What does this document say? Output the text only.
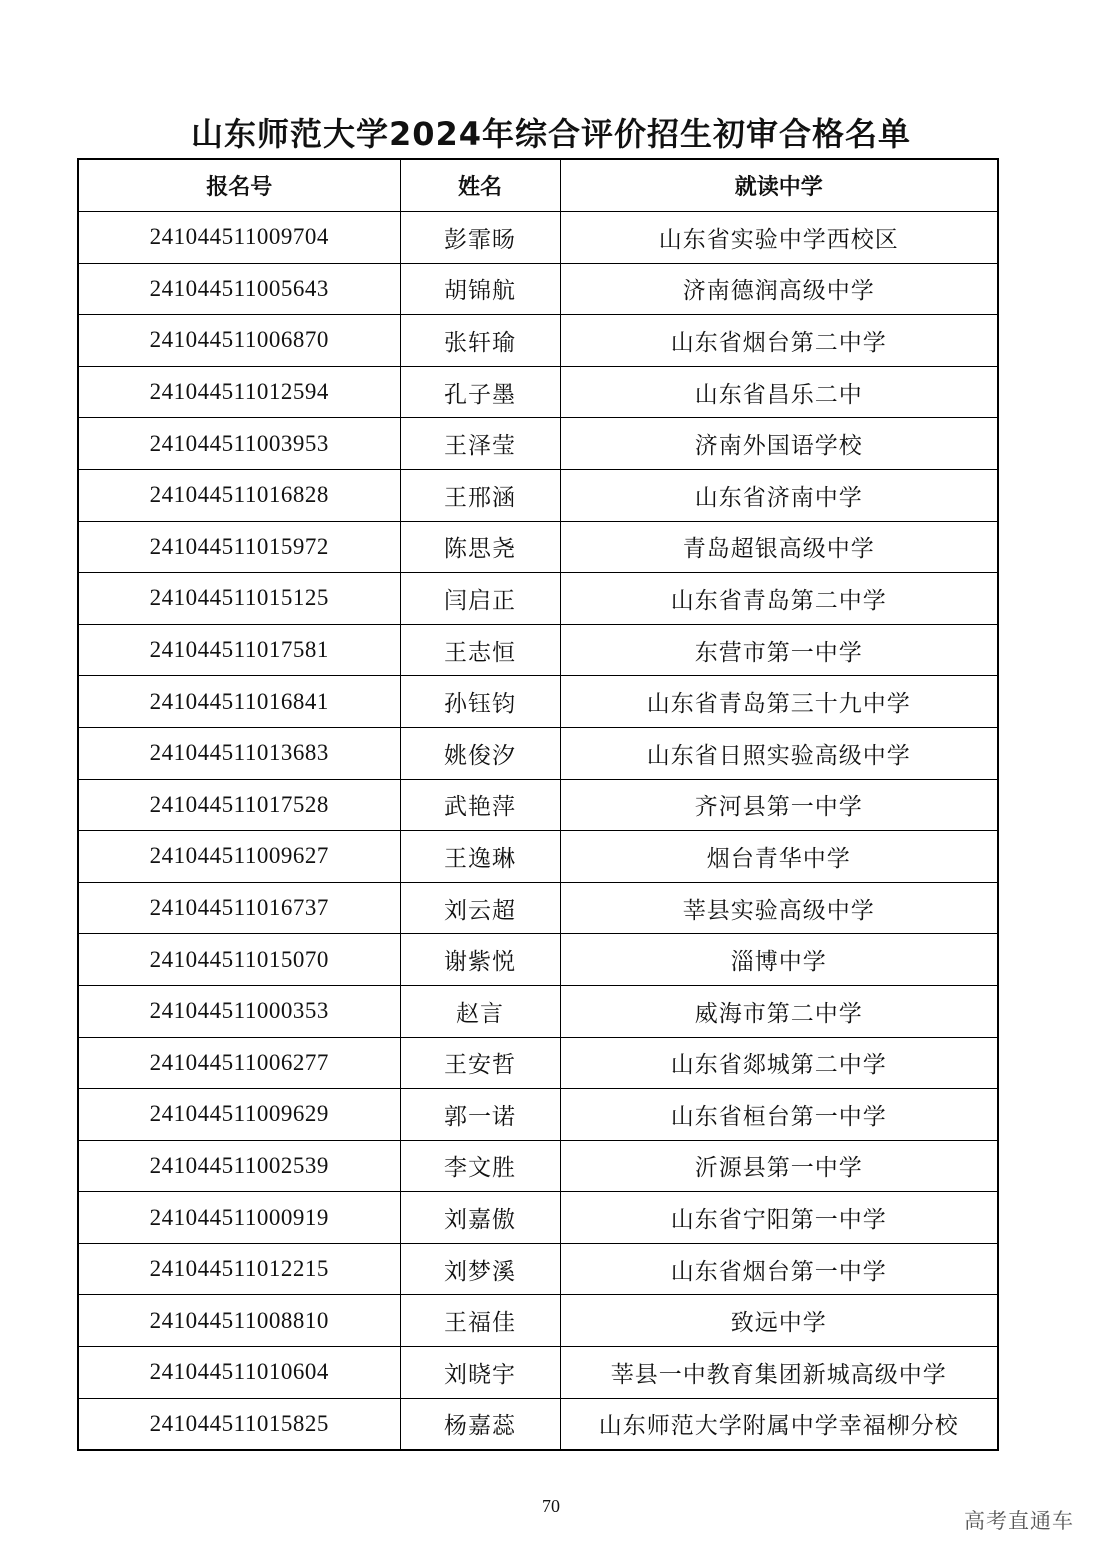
山东师范大学2024年综合评价招生初审合格名单
报名号	姓名	就读中学
241044511009704	彭霏旸	山东省实验中学西校区
241044511005643	胡锦航	济南德润高级中学
241044511006870	张轩瑜	山东省烟台第二中学
241044511012594	孔子墨	山东省昌乐二中
241044511003953	王泽莹	济南外国语学校
241044511016828	王邢涵	山东省济南中学
241044511015972	陈思尧	青岛超银高级中学
241044511015125	闫启正	山东省青岛第二中学
241044511017581	王志恒	东营市第一中学
241044511016841	孙钰钧	山东省青岛第三十九中学
241044511013683	姚俊汐	山东省日照实验高级中学
241044511017528	武艳萍	齐河县第一中学
241044511009627	王逸琳	烟台青华中学
241044511016737	刘云超	莘县实验高级中学
241044511015070	谢紫悦	淄博中学
241044511000353	赵言	威海市第二中学
241044511006277	王安哲	山东省郯城第二中学
241044511009629	郭一诺	山东省桓台第一中学
241044511002539	李文胜	沂源县第一中学
241044511000919	刘嘉傲	山东省宁阳第一中学
241044511012215	刘梦溪	山东省烟台第一中学
241044511008810	王福佳	致远中学
241044511010604	刘晓宇	莘县一中教育集团新城高级中学
241044511015825	杨嘉蕊	山东师范大学附属中学幸福柳分校
70
高考直通车
